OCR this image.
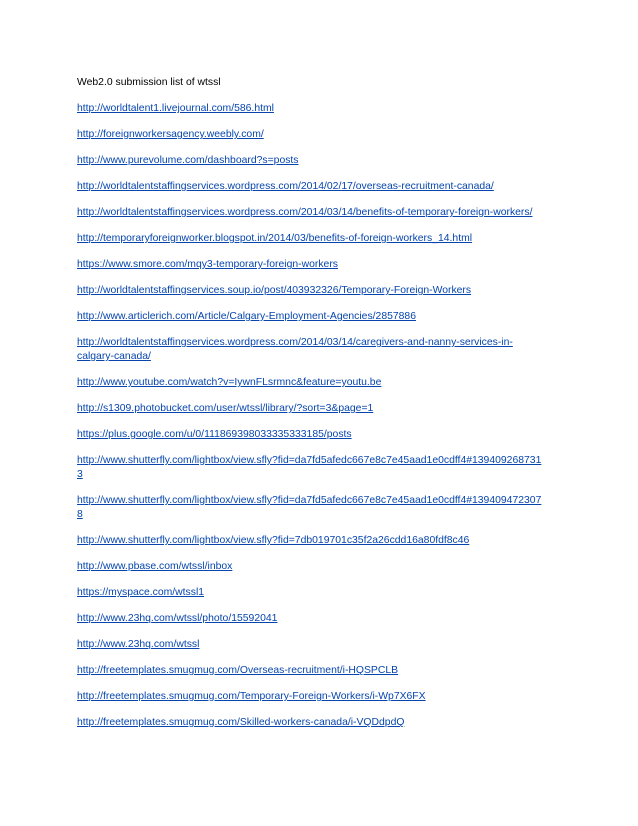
Web2.0 submission list of wtssl
http://worldtalent1.livejournal.com/586.html
http://foreignworkersagency.weebly.com/
http://www.purevolume.com/dashboard?s=posts
http://worldtalentstaffingservices.wordpress.com/2014/02/17/overseas-recruitment-canada/
http://worldtalentstaffingservices.wordpress.com/2014/03/14/benefits-of-temporary-foreign-workers/
http://temporaryforeignworker.blogspot.in/2014/03/benefits-of-foreign-workers_14.html
https://www.smore.com/mqy3-temporary-foreign-workers
http://worldtalentstaffingservices.soup.io/post/403932326/Temporary-Foreign-Workers
http://www.articlerich.com/Article/Calgary-Employment-Agencies/2857886
http://worldtalentstaffingservices.wordpress.com/2014/03/14/caregivers-and-nanny-services-in-
calgary-canada/
http://www.youtube.com/watch?v=IywnFLsrmnc&feature=youtu.be
http://s1309.photobucket.com/user/wtssl/library/?sort=3&page=1
https://plus.google.com/u/0/111869398033335333185/posts
http://www.shutterfly.com/lightbox/view.sfly?fid=da7fd5afedc667e8c7e45aad1e0cdff4#139409268731
3
http://www.shutterfly.com/lightbox/view.sfly?fid=da7fd5afedc667e8c7e45aad1e0cdff4#139409472307
8
http://www.shutterfly.com/lightbox/view.sfly?fid=7db019701c35f2a26cdd16a80fdf8c46
http://www.pbase.com/wtssl/inbox
https://myspace.com/wtssl1
http://www.23hq.com/wtssl/photo/15592041
http://www.23hq.com/wtssl
http://freetemplates.smugmug.com/Overseas-recruitment/i-HQSPCLB
http://freetemplates.smugmug.com/Temporary-Foreign-Workers/i-Wp7X6FX
http://freetemplates.smugmug.com/Skilled-workers-canada/i-VQDdpdQ
